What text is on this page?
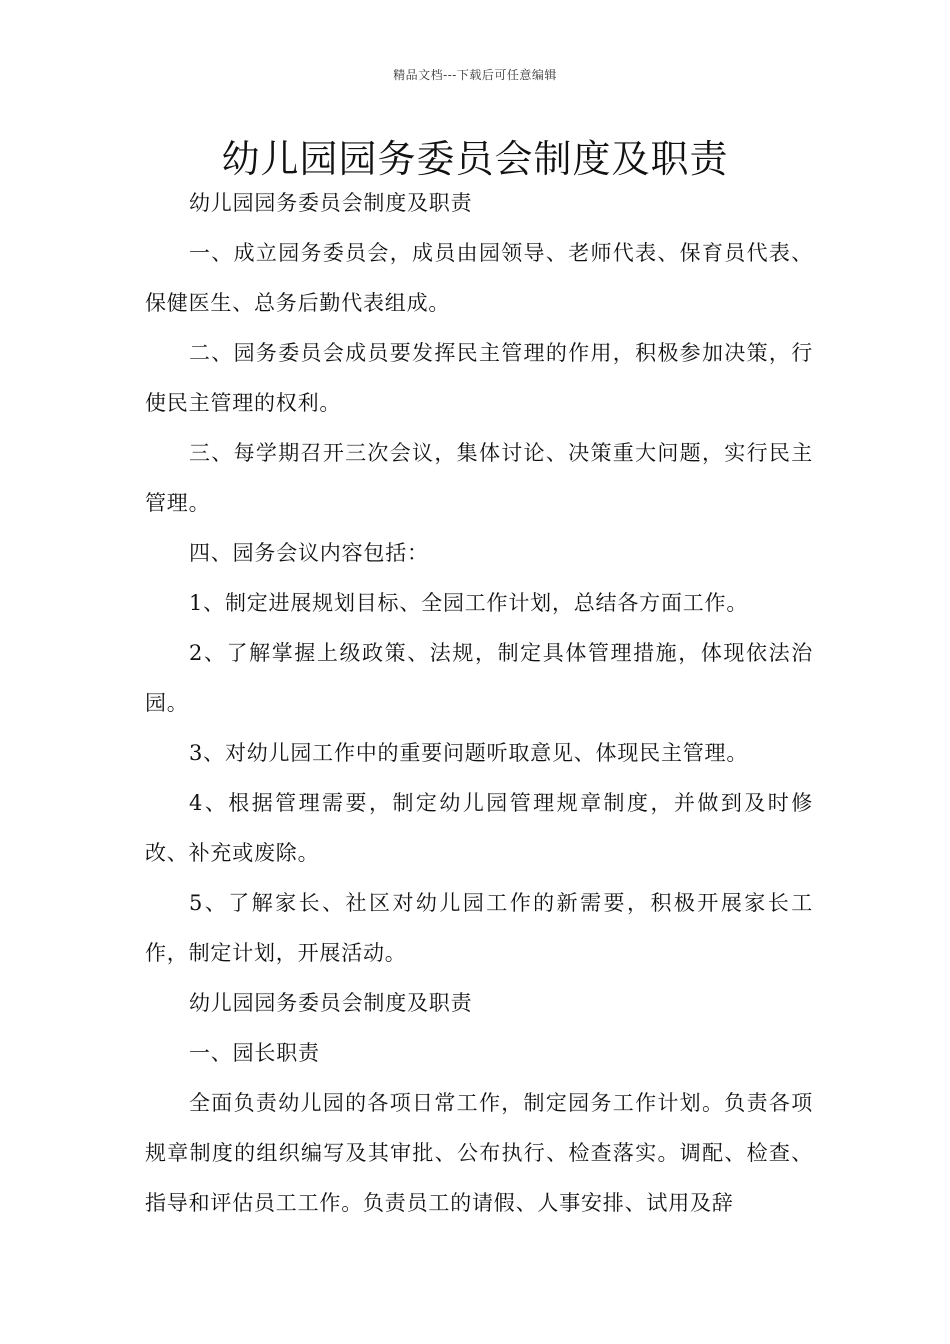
精品文档---下载后可任意编辑
幼儿园园务委员会制度及职责

幼儿园园务委员会制度及职责

一、成立园务委员会，成员由园领导、老师代表、保育员代表、保健医生、总务后勤代表组成。

二、园务委员会成员要发挥民主管理的作用，积极参加决策，行使民主管理的权利。

三、每学期召开三次会议，集体讨论、决策重大问题，实行民主管理。

四、园务会议内容包括：

1、制定进展规划目标、全园工作计划，总结各方面工作。

2、了解掌握上级政策、法规，制定具体管理措施，体现依法治园。

3、对幼儿园工作中的重要问题听取意见、体现民主管理。

4、根据管理需要，制定幼儿园管理规章制度，并做到及时修改、补充或废除。

5、了解家长、社区对幼儿园工作的新需要，积极开展家长工作，制定计划，开展活动。

幼儿园园务委员会制度及职责

一、园长职责

全面负责幼儿园的各项日常工作，制定园务工作计划。负责各项规章制度的组织编写及其审批、公布执行、检查落实。调配、检查、指导和评估员工工作。负责员工的请假、人事安排、试用及辞
